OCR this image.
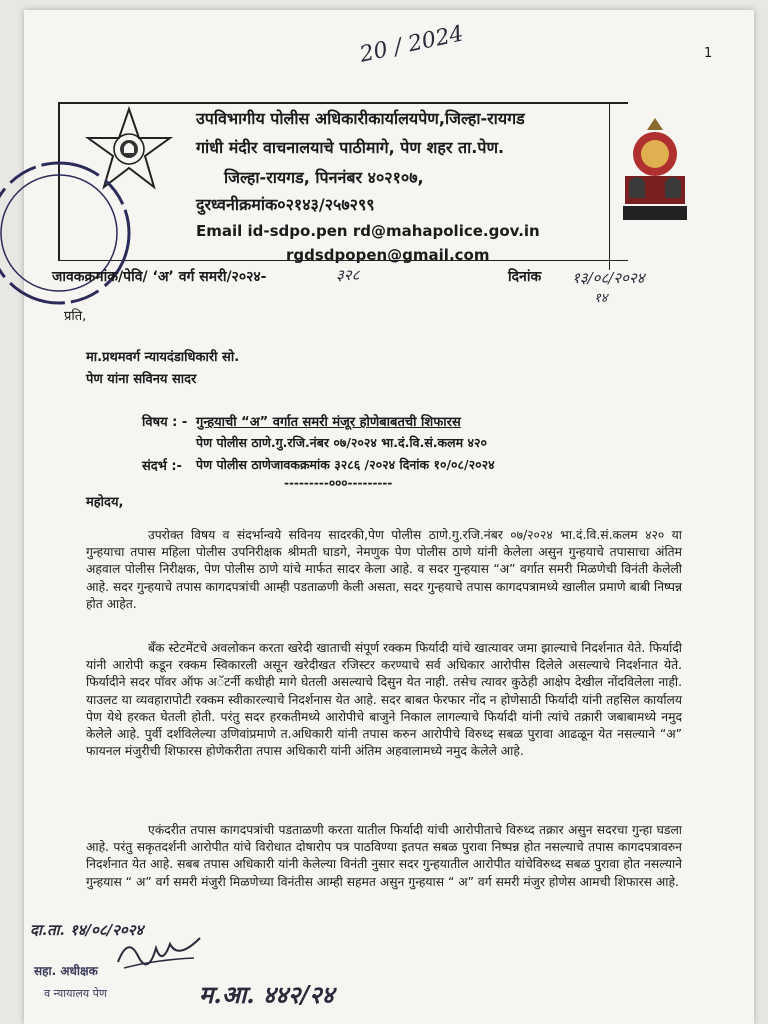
20 / 2024	1
उपविभागीय पोलीस अधिकारीकार्यालयपेण,जिल्हा-रायगड
गांधी मंदीर वाचनालयाचे पाठीमागे, पेण शहर ता.पेण.
जिल्हा-रायगड, पिननंबर ४०२१०७,
दुरध्वनीक्रमांक०२१४३/२५७२९९
Email id-sdpo.pen rd@mahapolice.gov.in
rgdsdpopen@gmail.com
जावकक्रमांक/पेवि/ ‘अ’ वर्ग समरी/२०२४-	३२८	दिनांक १३/०८/२०२४
१४
प्रति,
मा.प्रथमवर्ग न्यायदंडाधिकारी सो.
पेण यांना सविनय सादर
विषय : - गुन्हयाची “अ” वर्गात समरी मंजूर होणेबाबतची शिफारस
पेण पोलीस ठाणे.गु.रजि.नंबर ०७/२०२४ भा.दं.वि.सं.कलम ४२०
संदर्भ :- पेण पोलीस ठाणेजावकक्रमांक ३२८६ /२०२४ दिनांक १०/०८/२०२४
---------०००---------
महोदय,
उपरोक्त विषय व संदर्भान्वये सविनय सादरकी,पेण पोलीस ठाणे.गु.रजि.नंबर ०७/२०२४ भा.दं.वि.सं.कलम ४२० या गुन्हयाचा तपास महिला पोलीस उपनिरीक्षक श्रीमती घाडगे, नेमणुक पेण पोलीस ठाणे यांनी केलेला असुन गुन्हयाचे तपासाचा अंतिम अहवाल पोलीस निरीक्षक, पेण पोलीस ठाणे यांचे मार्फत सादर केला आहे. व सदर गुन्हयास “अ” वर्गात समरी मिळणेची विनंती केलेली आहे. सदर गुन्हयाचे तपास कागदपत्रांची आम्ही पडताळणी केली असता, सदर गुन्हयाचे तपास कागदपत्रामध्ये खालील प्रमाणे बाबी निष्पन्न होत आहेत.
बँक स्टेटमेंटचे अवलोकन करता खरेदी खाताची संपूर्ण रक्कम फिर्यादी यांचे खात्यावर जमा झाल्याचे निदर्शनात येते. फिर्यादी यांनी आरोपी कडून रक्कम स्विकारली असून खरेदीखत रजिस्टर करण्याचे सर्व अधिकार आरोपीस दिलेले असल्याचे निदर्शनात येते. फिर्यादीने सदर पॉवर ऑफ अॅटर्नी कधीही मागे घेतली असल्याचे दिसुन येत नाही. तसेच त्यावर कुठेही आक्षेप देखील नोंदविलेला नाही. याउलट या व्यवहारापोटी रक्कम स्वीकारल्याचे निदर्शनास येत आहे. सदर बाबत फेरफार नोंद न होणेसाठी फिर्यादी यांनी तहसिल कार्यालय पेण येथे हरकत घेतली होती. परंतु सदर हरकतीमध्ये आरोपीचे बाजुने निकाल लागल्याचे फिर्यादी यांनी त्यांचे तक्रारी जबाबामध्ये नमुद केलेले आहे. पुर्वी दर्शविलेल्या उणिवांप्रमाणे त.अधिकारी यांनी तपास करुन आरोपीचे विरुध्द सबळ पुरावा आढळून येत नसल्याने “अ” फायनल मंजुरीची शिफारस होणेकरीता तपास अधिकारी यांनी अंतिम अहवालामध्ये नमुद केलेले आहे.
एकंदरीत तपास कागदपत्रांची पडताळणी करता यातील फिर्यादी यांची आरोपीताचे विरुध्द तक्रार असुन सदरचा गुन्हा घडला आहे. परंतु सकृतदर्शनी आरोपीत यांचे विरोधात दोषारोप पत्र पाठविण्या इतपत सबळ पुरावा निष्पन्न होत नसल्याचे तपास कागदपत्रावरुन निदर्शनात येत आहे. सबब तपास अधिकारी यांनी केलेल्या विनंती नुसार सदर गुन्हयातील आरोपीत यांचेविरुध्द सबळ पुरावा होत नसल्याने गुन्हयास “ अ” वर्ग समरी मंजुरी मिळणेच्या विनंतीस आम्ही सहमत असुन गुन्हयास “ अ” वर्ग समरी मंजुर होणेस आमची शिफारस आहे.
दा.ता. १४/०८/२०२४
सहा. अधीक्षक
व न्यायालय पेण	म.आ. ४४२/२४
